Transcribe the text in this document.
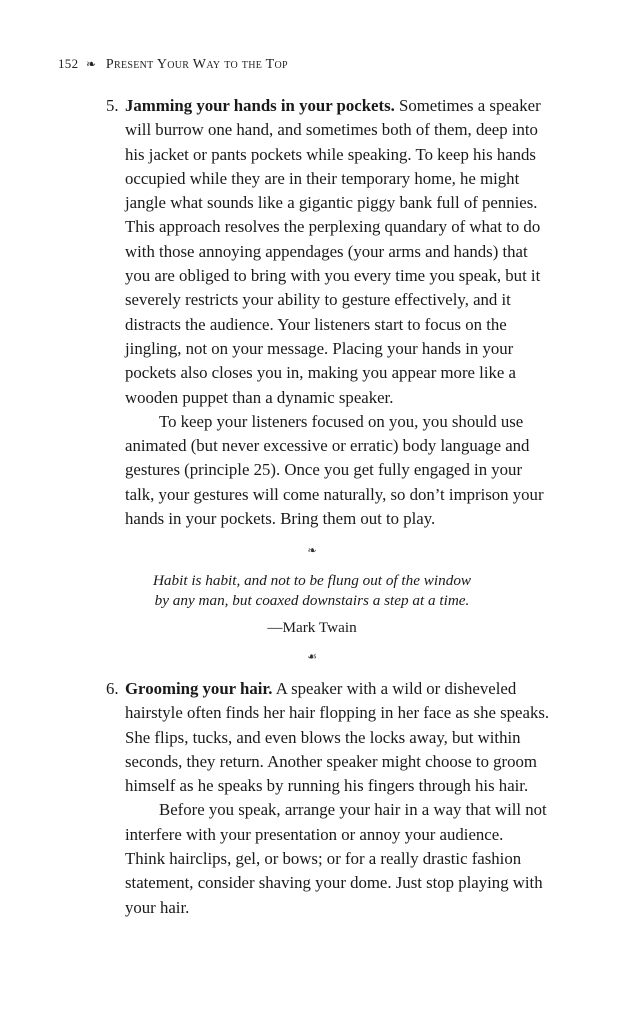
152 ❧ Present Your Way to the Top
5. Jamming your hands in your pockets. Sometimes a speaker

will burrow one hand, and sometimes both of them, deep into

his jacket or pants pockets while speaking. To keep his hands

occupied while they are in their temporary home, he might

jangle what sounds like a gigantic piggy bank full of pennies.

This approach resolves the perplexing quandary of what to do

with those annoying appendages (your arms and hands) that

you are obliged to bring with you every time you speak, but it

severely restricts your ability to gesture effectively, and it

distracts the audience. Your listeners start to focus on the

jingling, not on your message. Placing your hands in your

pockets also closes you in, making you appear more like a

wooden puppet than a dynamic speaker.

To keep your listeners focused on you, you should use

animated (but never excessive or erratic) body language and

gestures (principle 25). Once you get fully engaged in your

talk, your gestures will come naturally, so don’t imprison your

hands in your pockets. Bring them out to play.

❧
Habit is habit, and not to be flung out of the window
by any man, but coaxed downstairs a step at a time.
—Mark Twain
☙
6. Grooming your hair. A speaker with a wild or disheveled

hairstyle often finds her hair flopping in her face as she speaks.

She flips, tucks, and even blows the locks away, but within

seconds, they return. Another speaker might choose to groom

himself as he speaks by running his fingers through his hair.

Before you speak, arrange your hair in a way that will not

interfere with your presentation or annoy your audience.

Think hairclips, gel, or bows; or for a really drastic fashion

statement, consider shaving your dome. Just stop playing with

your hair.
